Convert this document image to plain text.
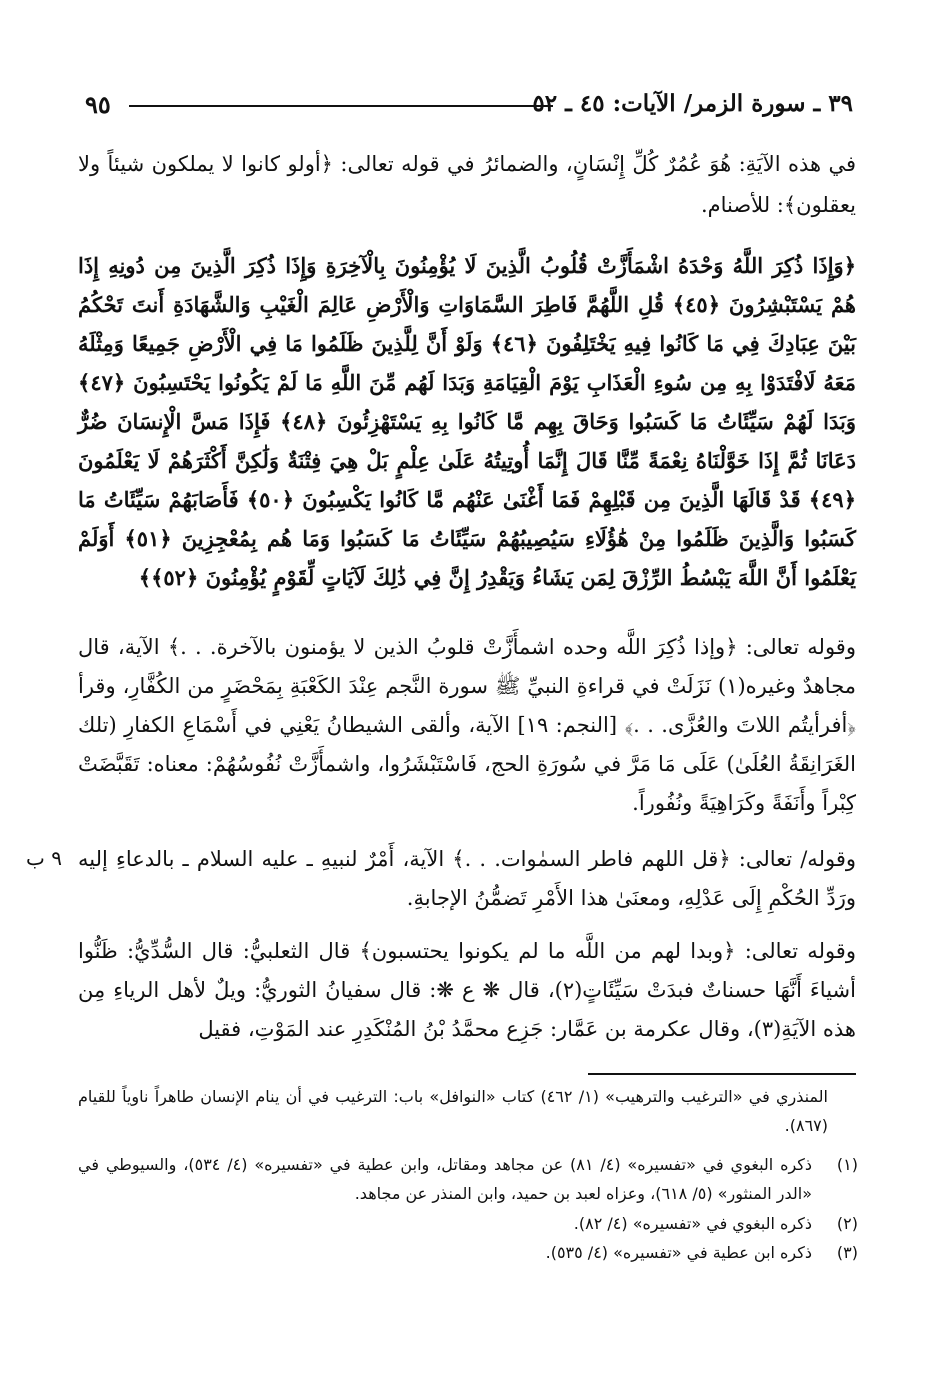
٩٥	٣٩ ـ سورة الزمر/ الآيات: ٤٥ ـ ٥٢
في هذه الآيَةِ: هُوَ عُمُرٌ كُلِّ إِنْسَانٍ، والضمائرُ في قوله تعالى: ﴿أولو كانوا لا يملكون شيئاً ولا يعقلون﴾: للأصنام.
﴿وَإِذَا ذُكِرَ اللَّهُ وَحْدَهُ اشْمَأَزَّتْ قُلُوبُ الَّذِينَ لَا يُؤْمِنُونَ بِالْآخِرَةِ وَإِذَا ذُكِرَ الَّذِينَ مِن دُونِهِ إِذَا هُمْ يَسْتَبْشِرُونَ ﴿٤٥﴾ قُلِ اللَّهُمَّ فَاطِرَ السَّمَاوَاتِ وَالْأَرْضِ عَالِمَ الْغَيْبِ وَالشَّهَادَةِ أَنتَ تَحْكُمُ بَيْنَ عِبَادِكَ فِي مَا كَانُوا فِيهِ يَخْتَلِفُونَ ﴿٤٦﴾ وَلَوْ أَنَّ لِلَّذِينَ ظَلَمُوا مَا فِي الْأَرْضِ جَمِيعًا وَمِثْلَهُ مَعَهُ لَافْتَدَوْا بِهِ مِن سُوءِ الْعَذَابِ يَوْمَ الْقِيَامَةِ وَبَدَا لَهُم مِّنَ اللَّهِ مَا لَمْ يَكُونُوا يَحْتَسِبُونَ ﴿٤٧﴾ وَبَدَا لَهُمْ سَيِّئَاتُ مَا كَسَبُوا وَحَاقَ بِهِم مَّا كَانُوا بِهِ يَسْتَهْزِئُونَ ﴿٤٨﴾ فَإِذَا مَسَّ الْإِنسَانَ ضُرٌّ دَعَانَا ثُمَّ إِذَا خَوَّلْنَاهُ نِعْمَةً مِّنَّا قَالَ إِنَّمَا أُوتِيتُهُ عَلَىٰ عِلْمٍ بَلْ هِيَ فِتْنَةٌ وَلَٰكِنَّ أَكْثَرَهُمْ لَا يَعْلَمُونَ ﴿٤٩﴾ قَدْ قَالَهَا الَّذِينَ مِن قَبْلِهِمْ فَمَا أَغْنَىٰ عَنْهُم مَّا كَانُوا يَكْسِبُونَ ﴿٥٠﴾ فَأَصَابَهُمْ سَيِّئَاتُ مَا كَسَبُوا وَالَّذِينَ ظَلَمُوا مِنْ هَٰؤُلَاءِ سَيُصِيبُهُمْ سَيِّئَاتُ مَا كَسَبُوا وَمَا هُم بِمُعْجِزِينَ ﴿٥١﴾ أَوَلَمْ يَعْلَمُوا أَنَّ اللَّهَ يَبْسُطُ الرِّزْقَ لِمَن يَشَاءُ وَيَقْدِرُ إِنَّ فِي ذَٰلِكَ لَآيَاتٍ لِّقَوْمٍ يُؤْمِنُونَ ﴿٥٢﴾﴾
وقوله تعالى: ﴿وإذا ذُكِرَ اللَّه وحده اشمأَزَّتْ قلوبُ الذين لا يؤمنون بالآخرة. . .﴾ الآية، قال مجاهدٌ وغيره(١) نَزَلَتْ في قراءةِ النبيِّ ﷺ سورة النَّجم عِنْدَ الكَعْبَةِ بِمَحْضَرٍ من الكُفَّارِ، وقرأ ﴿أفرأيتُم اللاتَ والعُزَّى. . .﴾ [النجم: ١٩] الآية، وألقى الشيطانُ يَعْنِي في أَسْمَاعِ الكفارِ (تلك الغَرَانِقَةُ العُلَىٰ) عَلَى مَا مَرَّ في سُورَةِ الحج، فَاسْتَبْشَرُوا، واشمأَزَّتْ نُفُوسُهُمْ: معناه: تَقَبَّضَتْ كِبْراً وأَنَفَةً وكَرَاهِيَةً ونُفُوراً.
٩ ب وقوله/ تعالى: ﴿قل اللهم فاطر السمٰوات. . .﴾ الآية، أَمْرٌ لنبيهِ ـ عليه السلام ـ بالدعاءِ إليه ورَدِّ الحُكْمِ إِلَى عَدْلِهِ، ومعنَىٰ هذا الأَمْرِ تَضمُّنُ الإجابةِ.
وقوله تعالى: ﴿وبدا لهم من اللَّه ما لم يكونوا يحتسبون﴾ قال الثعلبيُّ: قال السُّدِّيُّ: ظَنُّوا أشياءَ أَنَّهَا حسناتٌ فبدَتْ سَيِّئَاتٍ(٢)، قال ❋ ع ❋: قال سفيانُ الثوريُّ: ويلٌ لأهل الرياءِ مِن هذه الآيَةِ(٣)، وقال عكرمة بن عَمَّار: جَزِع محمَّدُ بْنُ المُنْكَدِرِ عند المَوْتِ، فقيل
المنذري في «الترغيب والترهيب» (١/ ٤٦٢) كتاب «النوافل» باب: الترغيب في أن ينام الإنسان طاهراً ناوياً للقيام (٨٦٧).
(١)
ذكره البغوي في «تفسيره» (٤/ ٨١) عن مجاهد ومقاتل، وابن عطية في «تفسيره» (٤/ ٥٣٤)، والسيوطي في «الدر المنثور» (٥/ ٦١٨)، وعزاه لعبد بن حميد، وابن المنذر عن مجاهد.
(٢)
ذكره البغوي في «تفسيره» (٤/ ٨٢).
(٣)
ذكره ابن عطية في «تفسيره» (٤/ ٥٣٥).
